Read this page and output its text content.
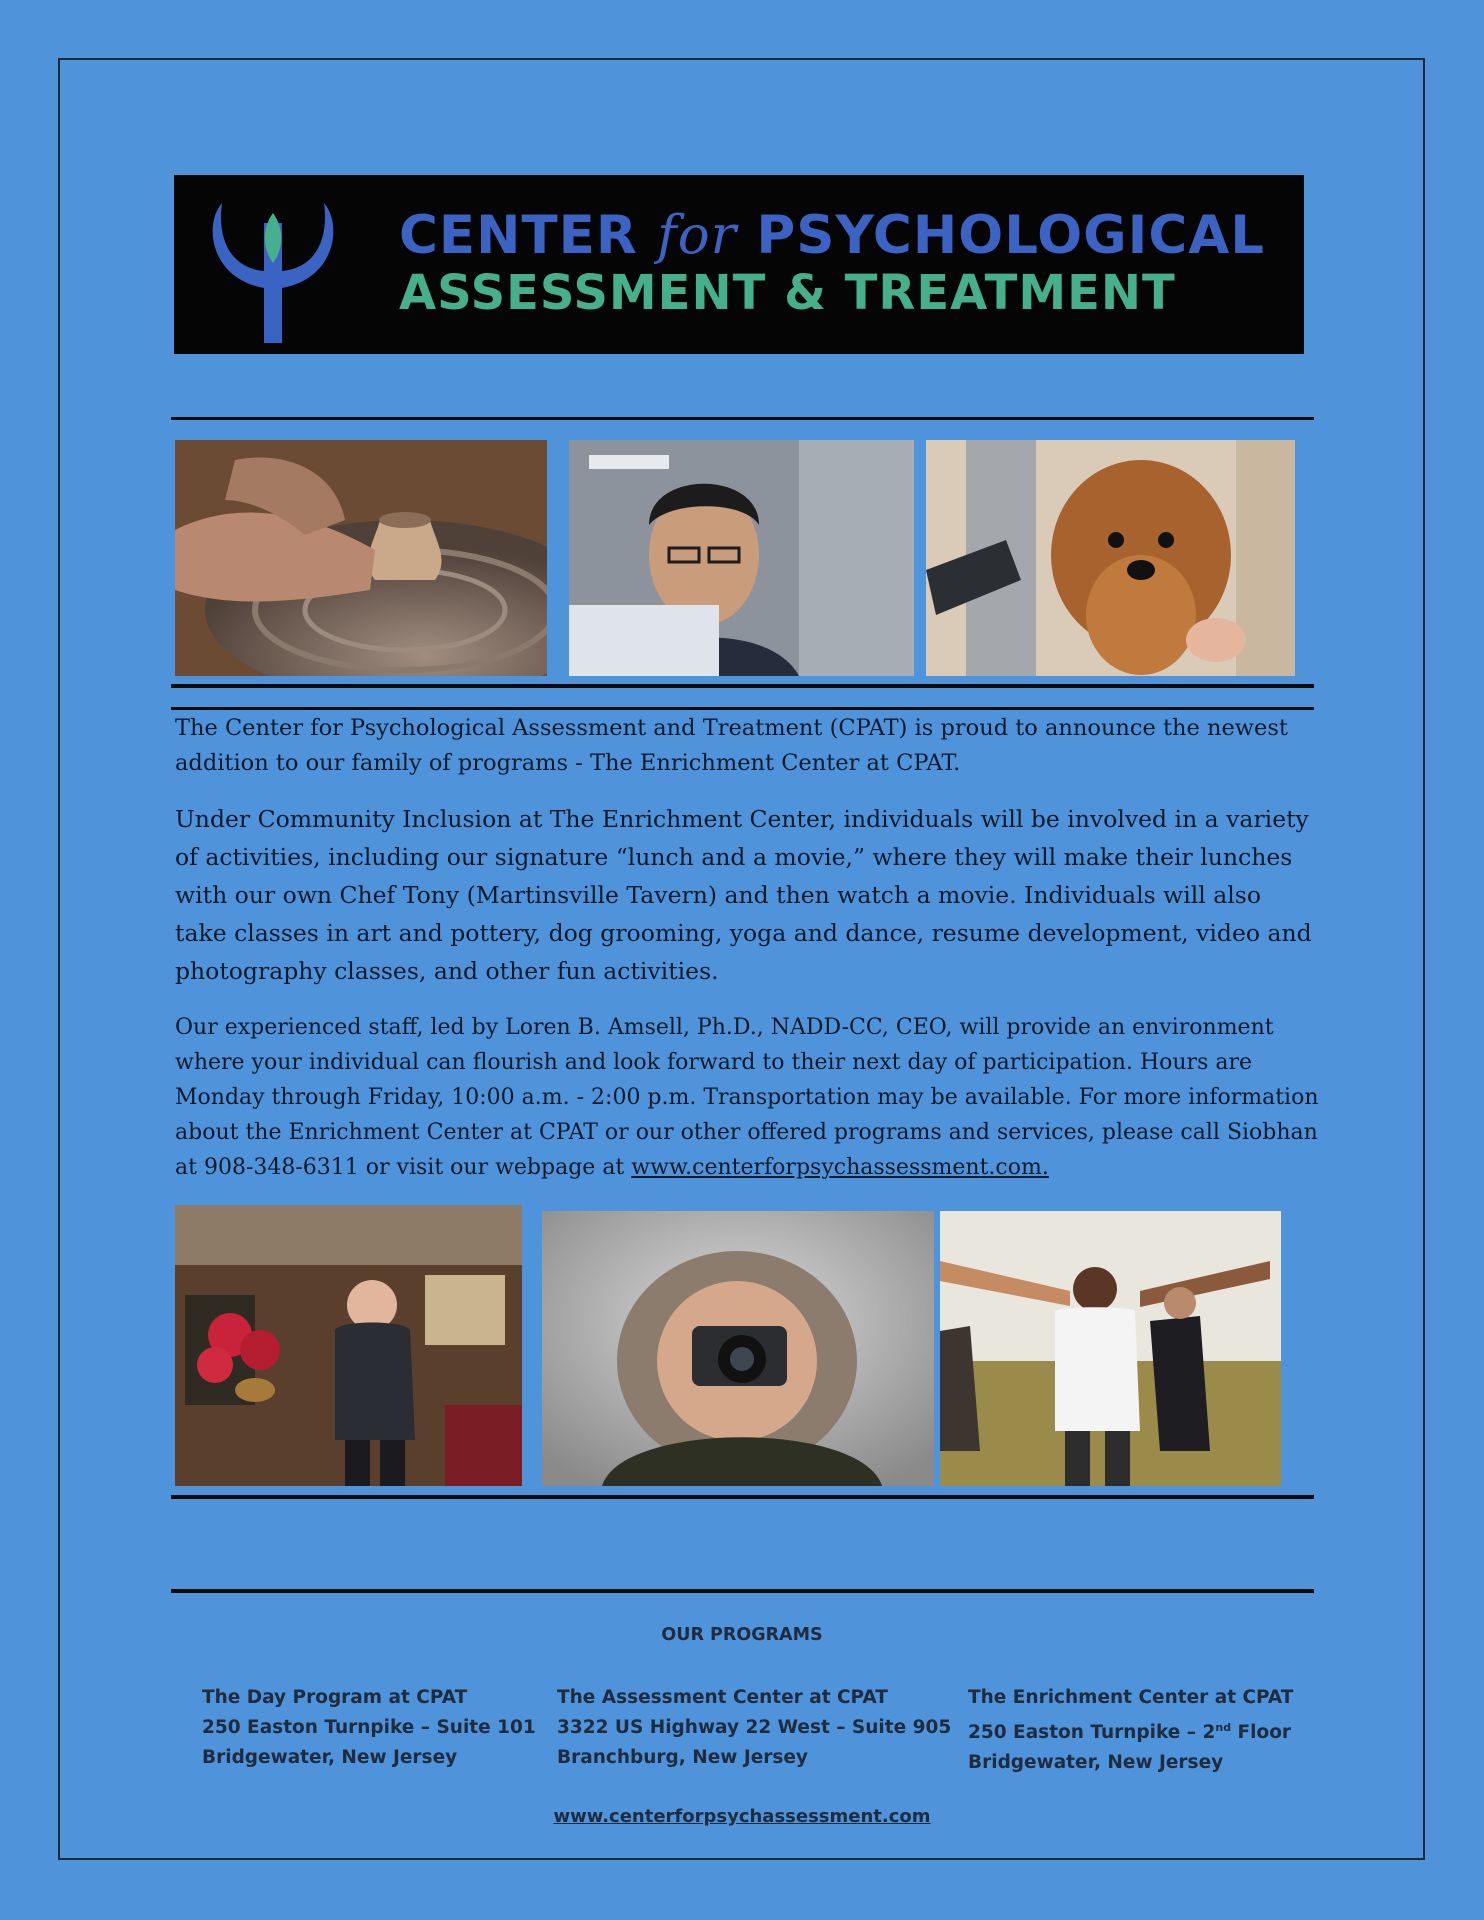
CENTER for PSYCHOLOGICAL
ASSESSMENT & TREATMENT

The Center for Psychological Assessment and Treatment (CPAT) is proud to announce the newest addition to our family of programs - The Enrichment Center at CPAT.

Under Community Inclusion at The Enrichment Center, individuals will be involved in a variety of activities, including our signature “lunch and a movie,” where they will make their lunches with our own Chef Tony (Martinsville Tavern) and then watch a movie. Individuals will also take classes in art and pottery, dog grooming, yoga and dance, resume development, video and photography classes, and other fun activities.

Our experienced staff, led by Loren B. Amsell, Ph.D., NADD-CC, CEO, will provide an environment where your individual can flourish and look forward to their next day of participation. Hours are Monday through Friday, 10:00 a.m. - 2:00 p.m. Transportation may be available. For more information about the Enrichment Center at CPAT or our other offered programs and services, please call Siobhan at 908-348-6311 or visit our webpage at www.centerforpsychassessment.com.

OUR PROGRAMS
The Day Program at CPAT
250 Easton Turnpike – Suite 101
Bridgewater, New Jersey
The Assessment Center at CPAT
3322 US Highway 22 West – Suite 905
Branchburg, New Jersey
The Enrichment Center at CPAT
250 Easton Turnpike – 2nd Floor
Bridgewater, New Jersey
www.centerforpsychassessment.com
